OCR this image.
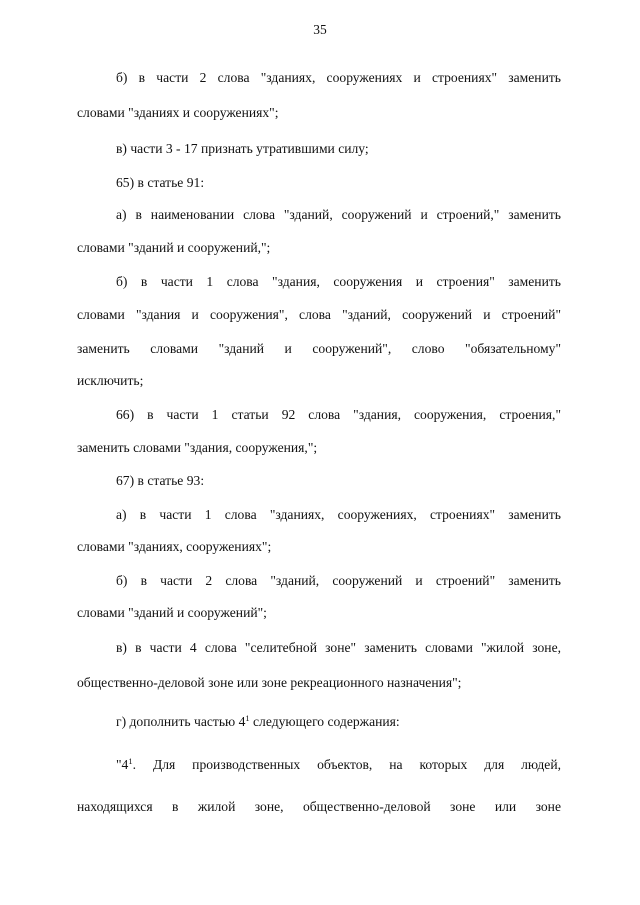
35
б) в части 2 слова "зданиях, сооружениях и строениях" заменить
словами "зданиях и сооружениях";
в) части 3 - 17 признать утратившими силу;
65) в статье 91:
а) в наименовании слова "зданий, сооружений и строений," заменить
словами "зданий и сооружений,";
б) в части 1 слова "здания, сооружения и строения" заменить
словами "здания и сооружения", слова "зданий, сооружений и строений"
заменить словами "зданий и сооружений", слово "обязательному"
исключить;
66) в части 1 статьи 92 слова "здания, сооружения, строения,"
заменить словами "здания, сооружения,";
67) в статье 93:
а) в части 1 слова "зданиях, сооружениях, строениях" заменить
словами "зданиях, сооружениях";
б) в части 2 слова "зданий, сооружений и строений" заменить
словами "зданий и сооружений";
в) в части 4 слова "селитебной зоне" заменить словами "жилой зоне,
общественно-деловой зоне или зоне рекреационного назначения";
г) дополнить частью $4^1$ следующего содержания:
"$4^1$. Для производственных объектов, на которых для людей,
находящихся в жилой зоне, общественно-деловой зоне или зоне
